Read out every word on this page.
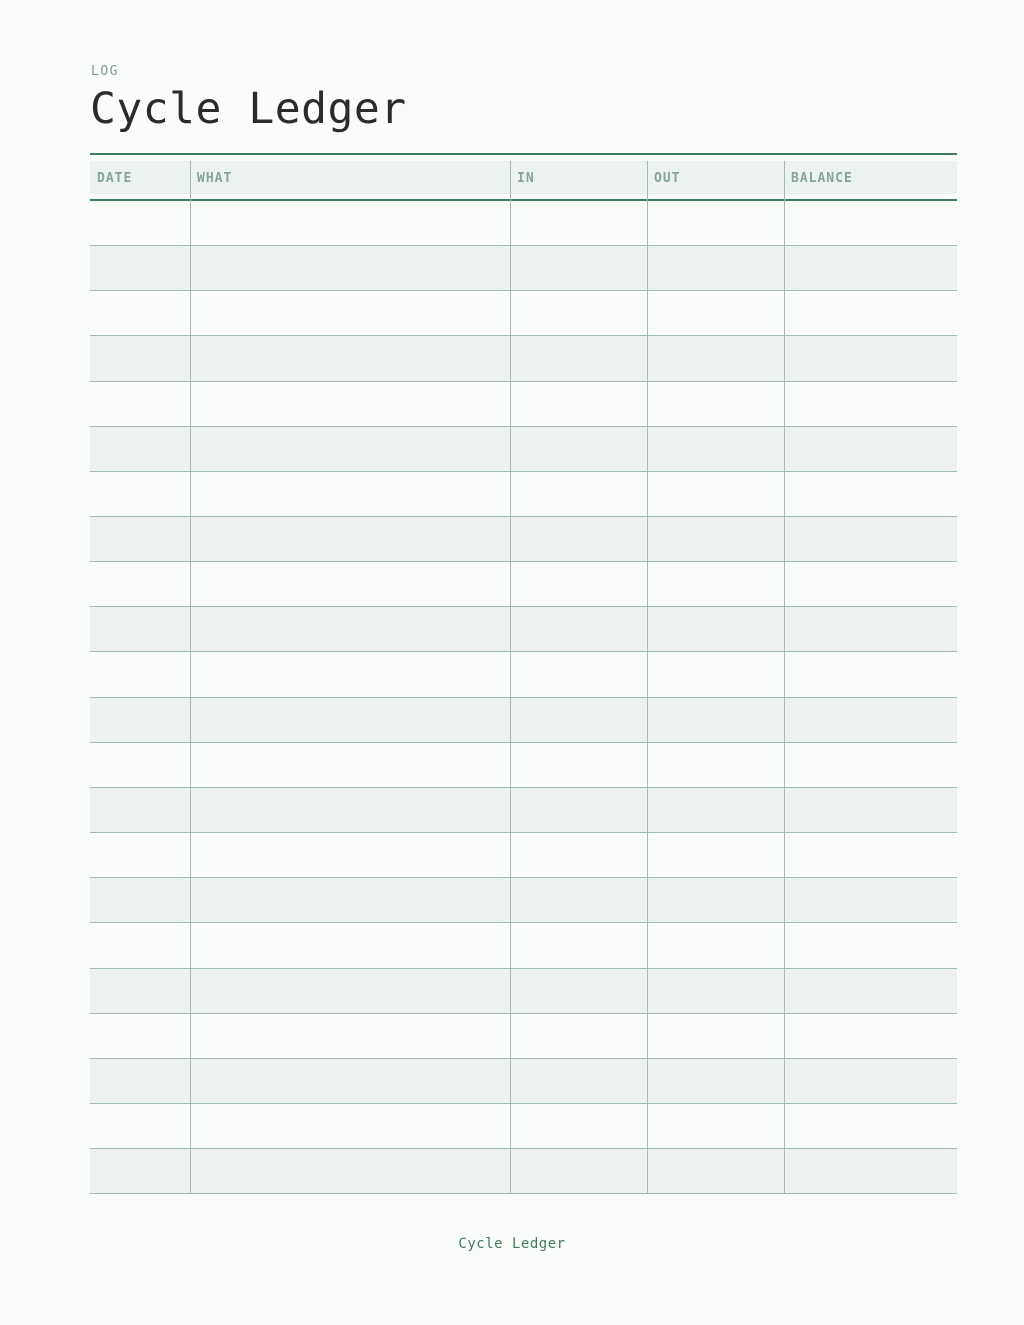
LOG
Cycle Ledger
DATE	WHAT	IN	OUT	BALANCE
Cycle Ledger
